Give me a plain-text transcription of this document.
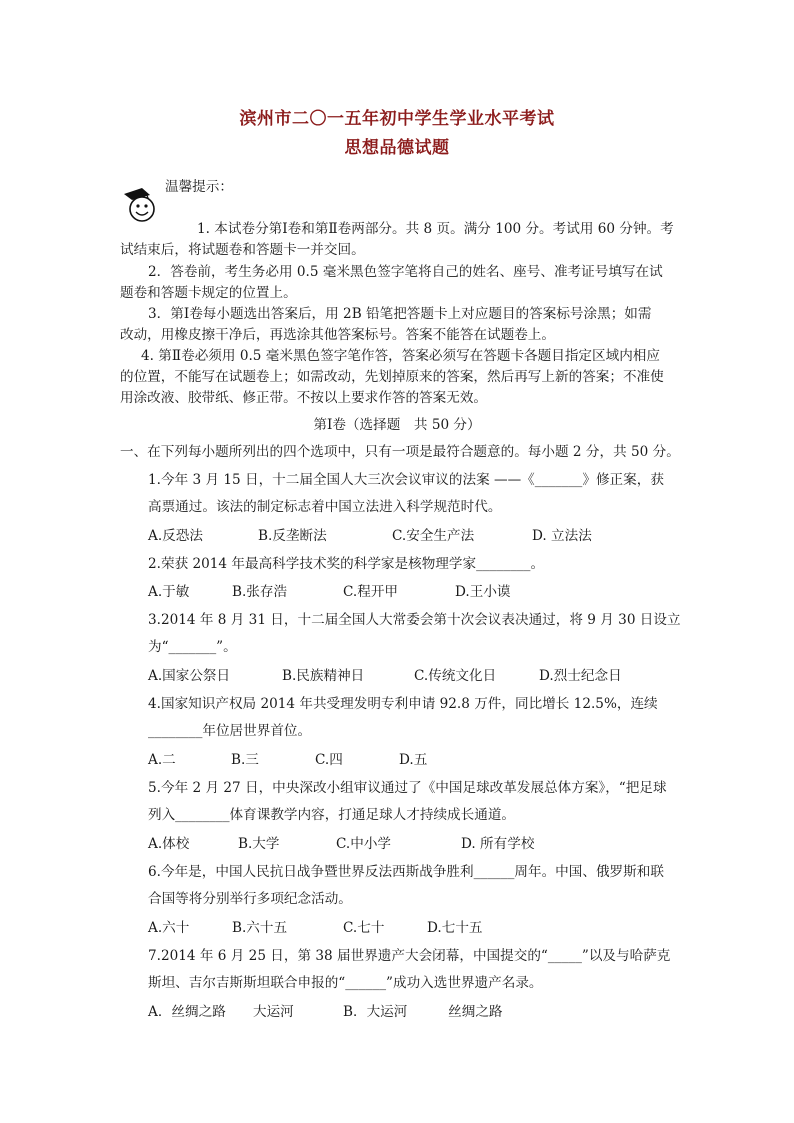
滨州市二〇一五年初中学生学业水平考试
思想品德试题
温馨提示：
1. 本试卷分第Ⅰ卷和第Ⅱ卷两部分。共 8 页。满分 100 分。考试用 60 分钟。考
试结束后，将试题卷和答题卡一并交回。
2．答卷前，考生务必用 0.5 毫米黑色签字笔将自己的姓名、座号、准考证号填写在试
题卷和答题卡规定的位置上。
3．第Ⅰ卷每小题选出答案后，用 2B 铅笔把答题卡上对应题目的答案标号涂黑；如需
改动，用橡皮擦干净后，再选涂其他答案标号。答案不能答在试题卷上。
4. 第Ⅱ卷必须用 0.5 毫米黑色签字笔作答，答案必须写在答题卡各题目指定区域内相应
的位置，不能写在试题卷上；如需改动，先划掉原来的答案，然后再写上新的答案；不准使
用涂改液、胶带纸、修正带。不按以上要求作答的答案无效。
第Ⅰ卷（选择题　共 50 分）
一、在下列每小题所列出的四个选项中，只有一项是最符合题意的。每小题 2 分，共 50 分。
1.今年 3 月 15 日，十二届全国人大三次会议审议的法案 ——《_______》修正案，获
高票通过。该法的制定标志着中国立法进入科学规范时代。
A.反恐法	B.反垄断法	C.安全生产法	D. 立法法
2.荣获 2014 年最高科学技术奖的科学家是核物理学家________。
A.于敏	B.张存浩	C.程开甲	D.王小谟
3.2014 年 8 月 31 日，十二届全国人大常委会第十次会议表决通过，将 9 月 30 日设立
为“_______”。
A.国家公祭日	B.民族精神日	C.传统文化日	D.烈士纪念日
4.国家知识产权局 2014 年共受理发明专利申请 92.8 万件，同比增长 12.5%，连续
________年位居世界首位。
A.二	B.三	C.四	D.五
5.今年 2 月 27 日，中央深改小组审议通过了《中国足球改革发展总体方案》，“把足球
列入________体育课教学内容，打通足球人才持续成长通道。
A.体校	B.大学	C.中小学	D. 所有学校
6.今年是，中国人民抗日战争暨世界反法西斯战争胜利______周年。中国、俄罗斯和联
合国等将分别举行多项纪念活动。
A.六十	B.六十五	C.七十	D.七十五
7.2014 年 6 月 25 日，第 38 届世界遗产大会闭幕，中国提交的“_____”以及与哈萨克
斯坦、吉尔吉斯斯坦联合申报的“______”成功入选世界遗产名录。
A．丝绸之路　　大运河	B．大运河　　　丝绸之路
